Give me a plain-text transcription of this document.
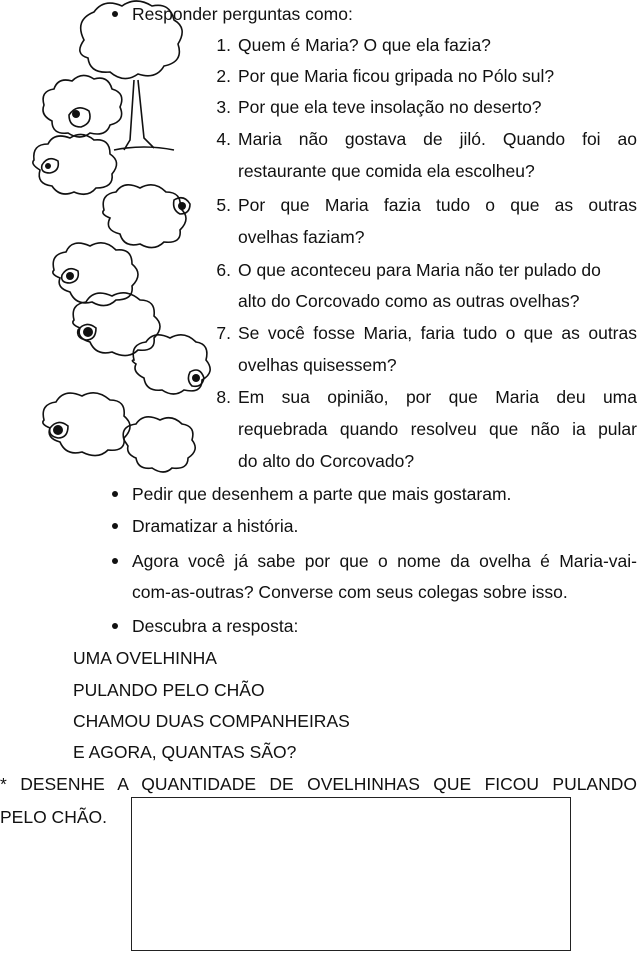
Responder perguntas como:
1. Quem é Maria? O que ela fazia?
2. Por que Maria ficou gripada no Pólo sul?
3. Por que ela teve insolação no deserto?
4. Maria não gostava de jiló. Quando foi ao
restaurante que comida ela escolheu?
5. Por que Maria fazia tudo o que as outras
ovelhas faziam?
6. O que aconteceu para Maria não ter pulado do
alto do Corcovado como as outras ovelhas?
7. Se você fosse Maria, faria tudo o que as outras
ovelhas quisessem?
8. Em sua opinião, por que Maria deu uma
requebrada quando resolveu que não ia pular
do alto do Corcovado?
Pedir que desenhem a parte que mais gostaram.
Dramatizar a história.
Agora você já sabe por que o nome da ovelha é Maria-vai-
com-as-outras? Converse com seus colegas sobre isso.
Descubra a resposta:
UMA OVELHINHA
PULANDO PELO CHÃO
CHAMOU DUAS COMPANHEIRAS
E AGORA, QUANTAS SÃO?
* DESENHE A QUANTIDADE DE OVELHINHAS QUE FICOU PULANDO
PELO CHÃO.
